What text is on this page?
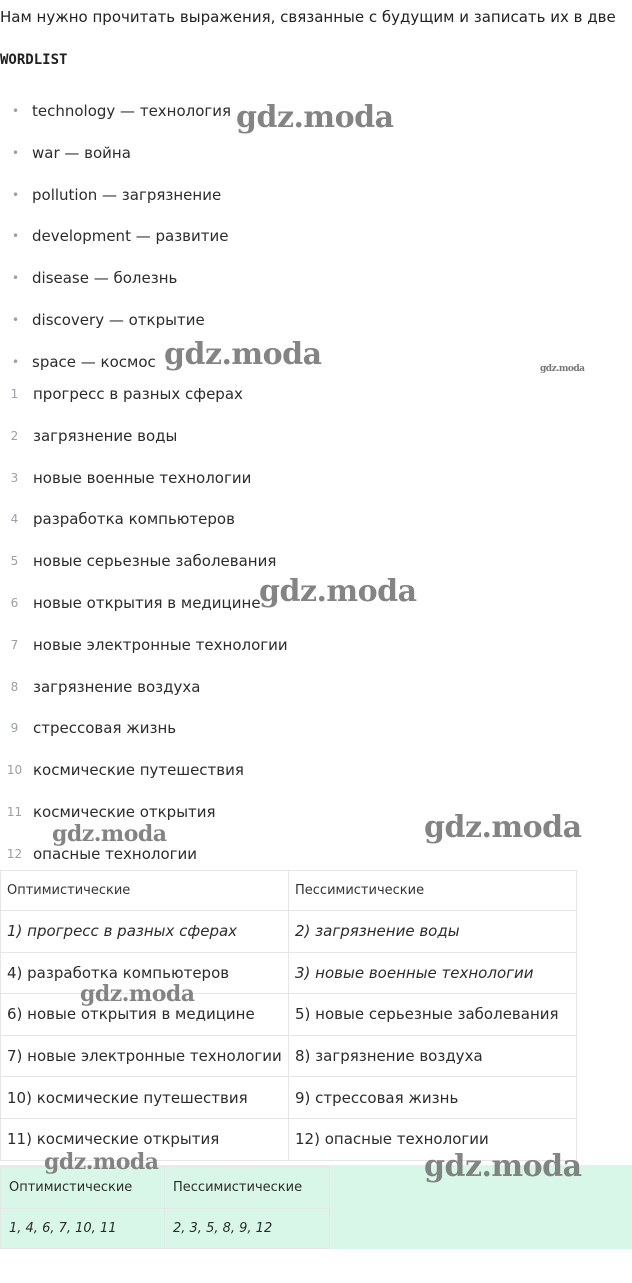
Нам нужно прочитать выражения, связанные с будущим и записать их в две
WORDLIST
•
technology — технология
•
war — война
•
pollution — загрязнение
•
development — развитие
•
disease — болезнь
•
discovery — открытие
•
space — космос
1 прогресс в разных сферах
2 загрязнение воды
3 новые военные технологии
4 разработка компьютеров
5 новые серьезные заболевания
6 новые открытия в медицине
7 новые электронные технологии
8 загрязнение воздуха
9 стрессовая жизнь
10 космические путешествия
11 космические открытия
12 опасные технологии
Оптимистические	Пессимистические
1) прогресс в разных сферах	2) загрязнение воды
4) разработка компьютеров	3) новые военные технологии
6) новые открытия в медицине	5) новые серьезные заболевания
7) новые электронные технологии	8) загрязнение воздуха
10) космические путешествия	9) стрессовая жизнь
11) космические открытия	12) опасные технологии
Оптимистические	Пессимистические
1, 4, 6, 7, 10, 11	2, 3, 5, 8, 9, 12
gdz.moda
gdz.moda	gdz.moda
gdz.moda
gdz.moda	gdz.moda
gdz.moda
gdz.moda	gdz.moda
